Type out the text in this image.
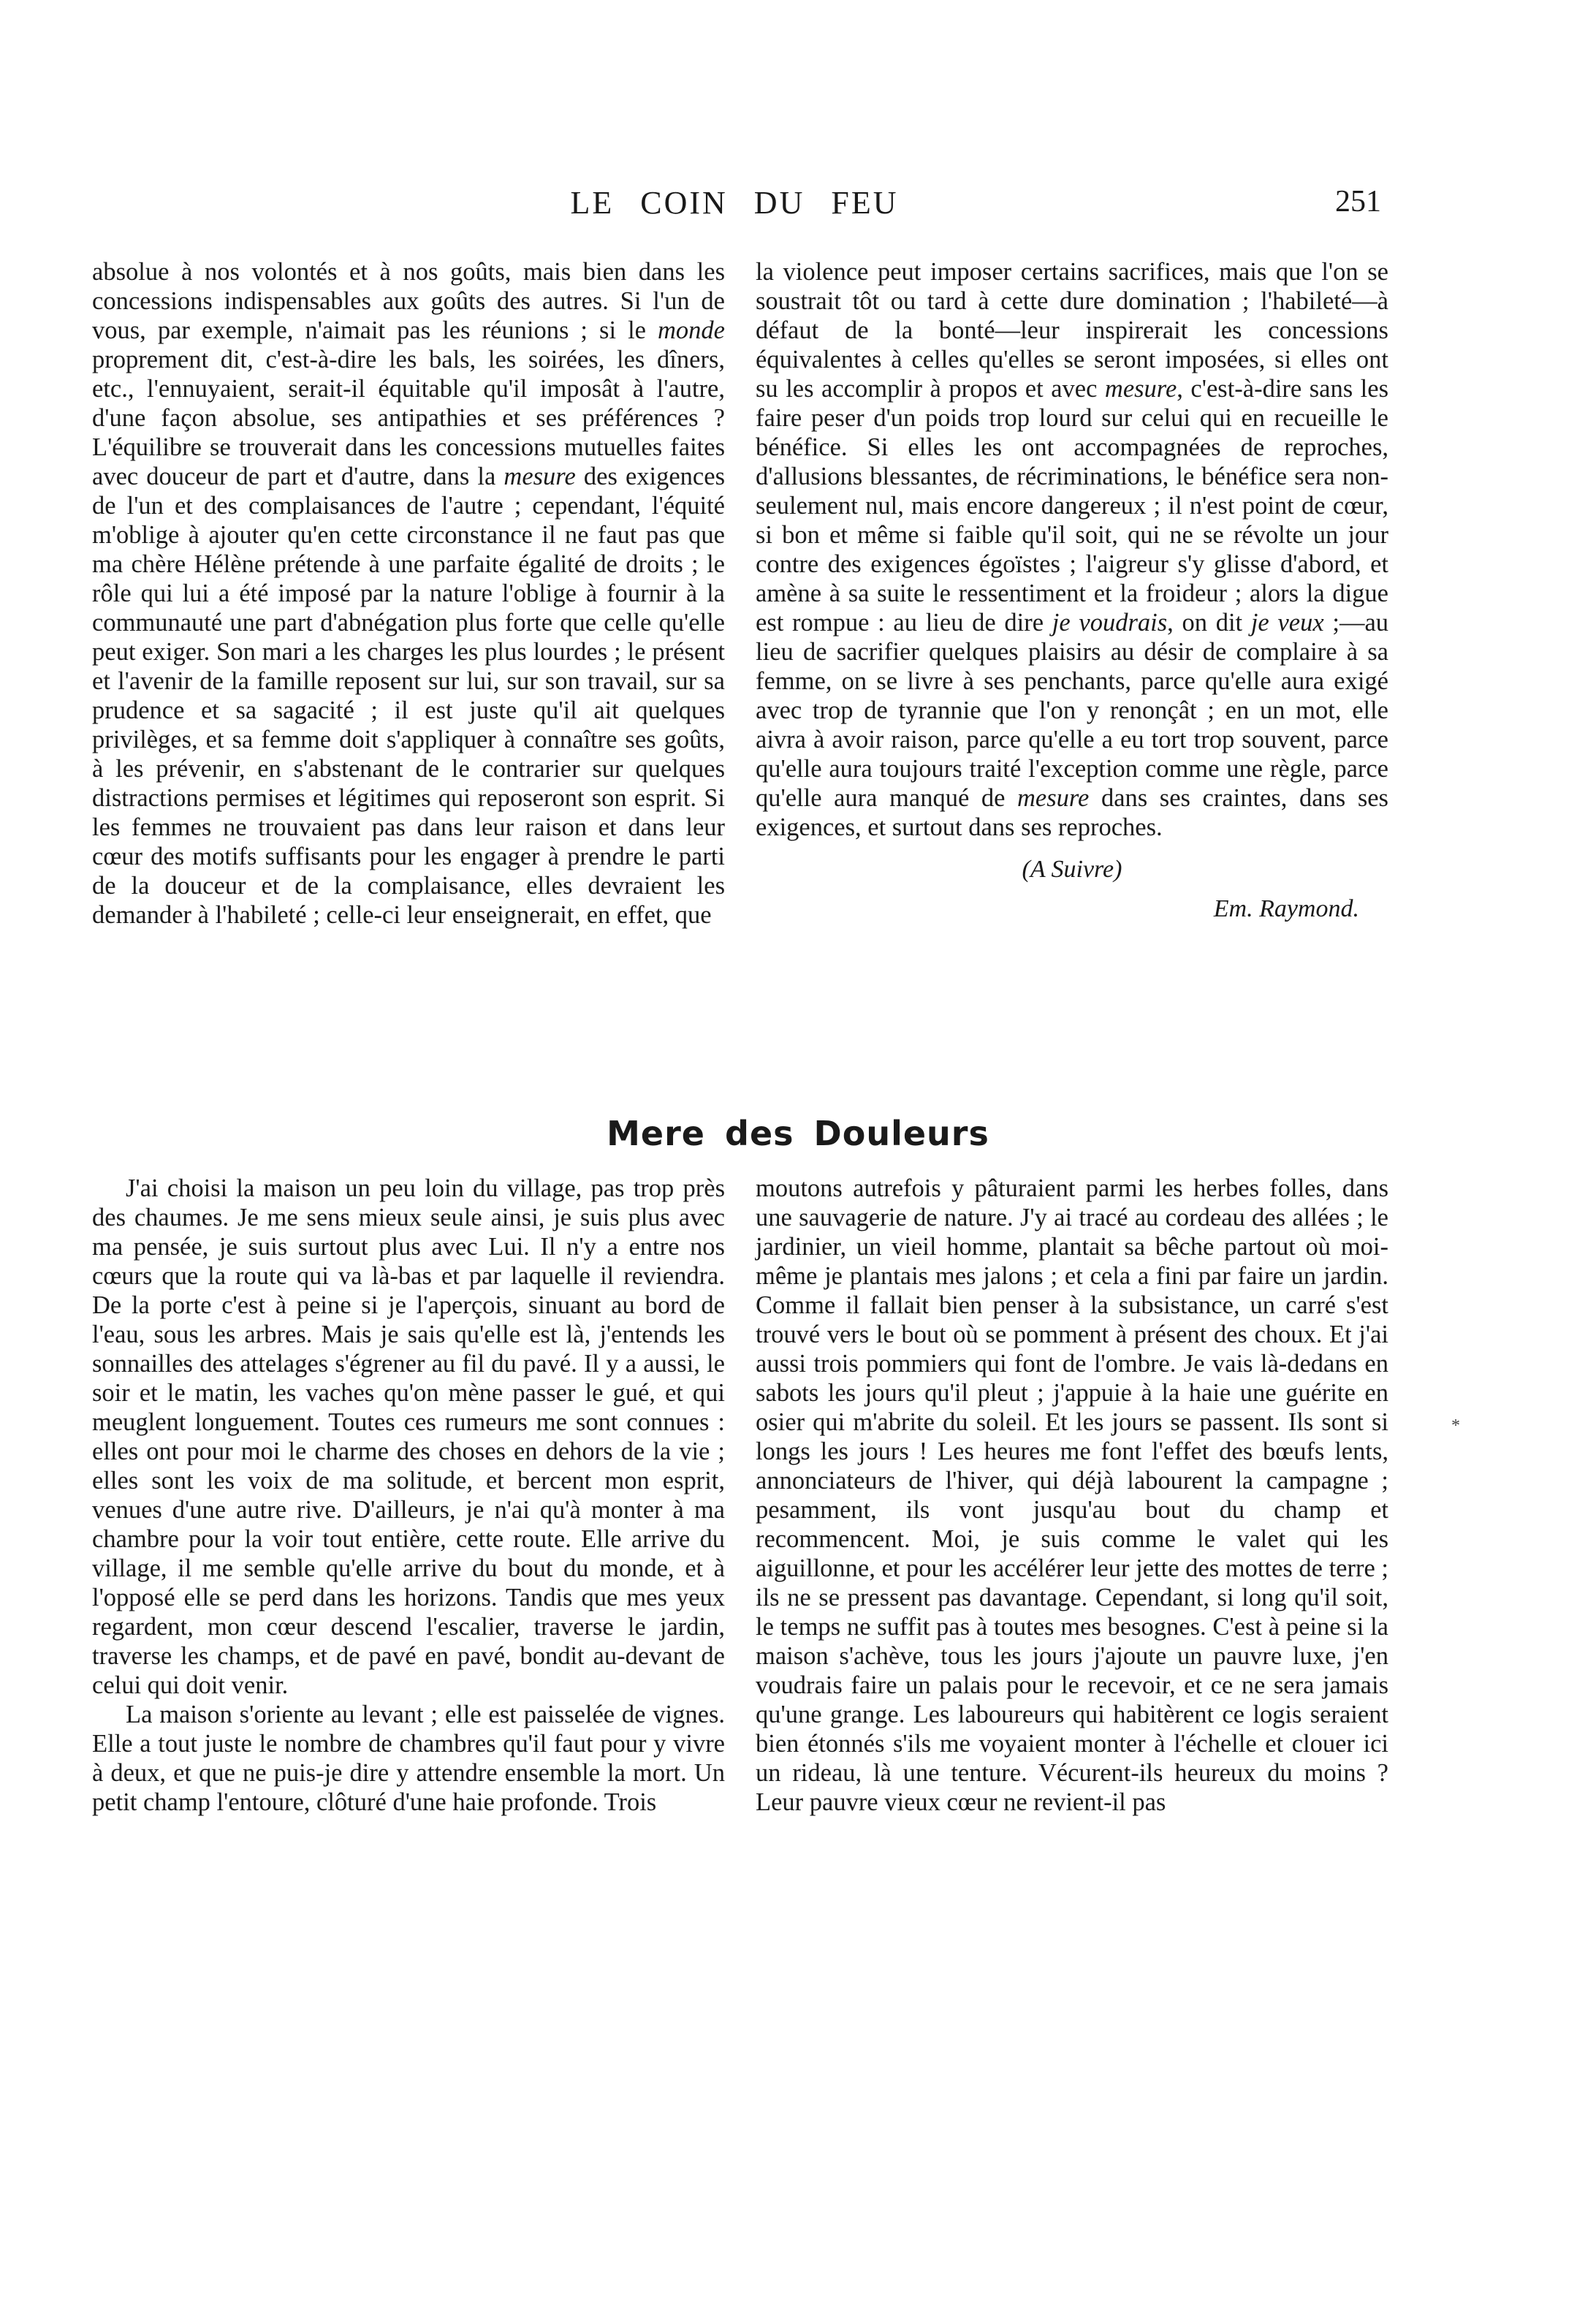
LE COIN DU FEU	251

absolue à nos volontés et à nos goûts, mais bien dans les concessions indispensables aux goûts des autres. Si l'un de vous, par exemple, n'aimait pas les réunions ; si le monde proprement dit, c'est-à-dire les bals, les soirées, les dîners, etc., l'ennuyaient, serait-il équitable qu'il imposât à l'autre, d'une façon absolue, ses antipathies et ses préférences ? L'équilibre se trouverait dans les concessions mutuelles faites avec douceur de part et d'autre, dans la mesure des exigences de l'un et des complaisances de l'autre ; cependant, l'équité m'oblige à ajouter qu'en cette circonstance il ne faut pas que ma chère Hélène prétende à une parfaite égalité de droits ; le rôle qui lui a été imposé par la nature l'oblige à fournir à la communauté une part d'abnégation plus forte que celle qu'elle peut exiger. Son mari a les charges les plus lourdes ; le présent et l'avenir de la famille reposent sur lui, sur son travail, sur sa prudence et sa sagacité ; il est juste qu'il ait quelques privilèges, et sa femme doit s'appliquer à connaître ses goûts, à les prévenir, en s'abstenant de le contrarier sur quelques distractions permises et légitimes qui reposeront son esprit. Si les femmes ne trouvaient pas dans leur raison et dans leur cœur des motifs suffisants pour les engager à prendre le parti de la douceur et de la complaisance, elles devraient les demander à l'habileté ; celle-ci leur enseignerait, en effet, que

la violence peut imposer certains sacrifices, mais que l'on se soustrait tôt ou tard à cette dure domination ; l'habileté—à défaut de la bonté—leur inspirerait les concessions équivalentes à celles qu'elles se seront imposées, si elles ont su les accomplir à propos et avec mesure, c'est-à-dire sans les faire peser d'un poids trop lourd sur celui qui en recueille le bénéfice. Si elles les ont accompagnées de reproches, d'allusions blessantes, de récriminations, le bénéfice sera non-seulement nul, mais encore dangereux ; il n'est point de cœur, si bon et même si faible qu'il soit, qui ne se révolte un jour contre des exigences égoïstes ; l'aigreur s'y glisse d'abord, et amène à sa suite le ressentiment et la froideur ; alors la digue est rompue : au lieu de dire je voudrais, on dit je veux ;—au lieu de sacrifier quelques plaisirs au désir de complaire à sa femme, on se livre à ses penchants, parce qu'elle aura exigé avec trop de tyrannie que l'on y renonçât ; en un mot, elle aivra à avoir raison, parce qu'elle a eu tort trop souvent, parce qu'elle aura toujours traité l'exception comme une règle, parce qu'elle aura manqué de mesure dans ses craintes, dans ses exigences, et surtout dans ses reproches.

(A Suivre)
Em. Raymond.
Mere des Douleurs

J'ai choisi la maison un peu loin du village, pas trop près des chaumes. Je me sens mieux seule ainsi, je suis plus avec ma pensée, je suis surtout plus avec Lui. Il n'y a entre nos cœurs que la route qui va là-bas et par laquelle il reviendra. De la porte c'est à peine si je l'aperçois, sinuant au bord de l'eau, sous les arbres. Mais je sais qu'elle est là, j'entends les sonnailles des attelages s'égrener au fil du pavé. Il y a aussi, le soir et le matin, les vaches qu'on mène passer le gué, et qui meuglent longuement. Toutes ces rumeurs me sont connues : elles ont pour moi le charme des choses en dehors de la vie ; elles sont les voix de ma solitude, et bercent mon esprit, venues d'une autre rive. D'ailleurs, je n'ai qu'à monter à ma chambre pour la voir tout entière, cette route. Elle arrive du village, il me semble qu'elle arrive du bout du monde, et à l'opposé elle se perd dans les horizons. Tandis que mes yeux regardent, mon cœur descend l'escalier, traverse le jardin, traverse les champs, et de pavé en pavé, bondit au-devant de celui qui doit venir.

La maison s'oriente au levant ; elle est paisselée de vignes. Elle a tout juste le nombre de chambres qu'il faut pour y vivre à deux, et que ne puis-je dire y attendre ensemble la mort. Un petit champ l'entoure, clôturé d'une haie profonde. Trois

moutons autrefois y pâturaient parmi les herbes folles, dans une sauvagerie de nature. J'y ai tracé au cordeau des allées ; le jardinier, un vieil homme, plantait sa bêche partout où moi-même je plantais mes jalons ; et cela a fini par faire un jardin. Comme il fallait bien penser à la subsistance, un carré s'est trouvé vers le bout où se pomment à présent des choux. Et j'ai aussi trois pommiers qui font de l'ombre. Je vais là-dedans en sabots les jours qu'il pleut ; j'appuie à la haie une guérite en osier qui m'abrite du soleil. Et les jours se passent. Ils sont si longs les jours ! Les heures me font l'effet des bœufs lents, annonciateurs de l'hiver, qui déjà labourent la campagne ; pesamment, ils vont jusqu'au bout du champ et recommencent. Moi, je suis comme le valet qui les aiguillonne, et pour les accélérer leur jette des mottes de terre ; ils ne se pressent pas davantage. Cependant, si long qu'il soit, le temps ne suffit pas à toutes mes besognes. C'est à peine si la maison s'achève, tous les jours j'ajoute un pauvre luxe, j'en voudrais faire un palais pour le recevoir, et ce ne sera jamais qu'une grange. Les laboureurs qui habitèrent ce logis seraient bien étonnés s'ils me voyaient monter à l'échelle et clouer ici un rideau, là une tenture. Vécurent-ils heureux du moins ? Leur pauvre vieux cœur ne revient-il pas

*
